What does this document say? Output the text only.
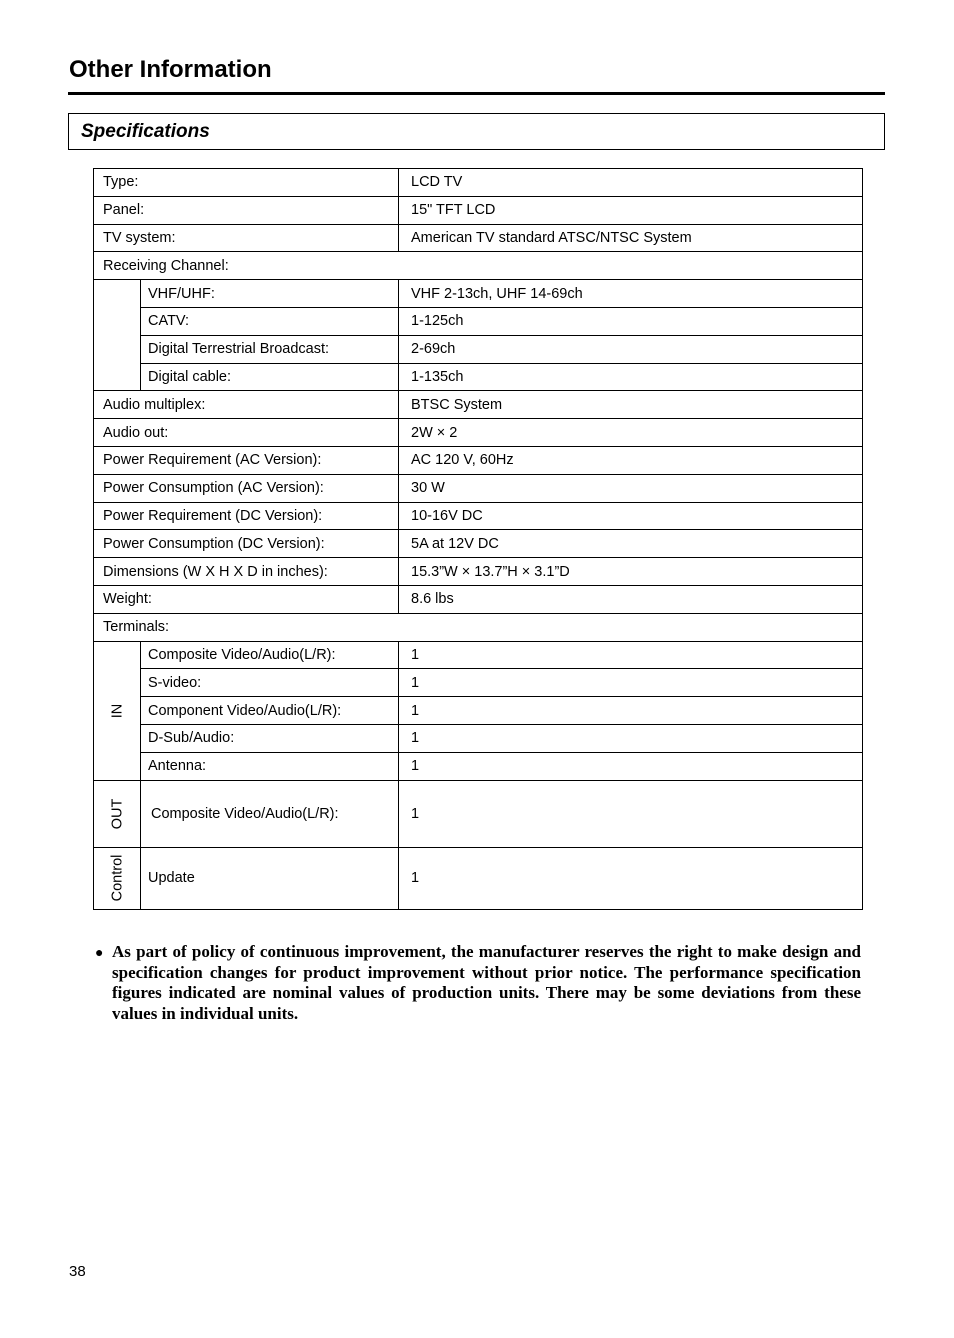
Other Information
Specifications
Type:		LCD TV
Panel:		15" TFT LCD
TV system:		American TV standard ATSC/NTSC System
Receiving Channel:		
	VHF/UHF:	VHF 2-13ch, UHF 14-69ch
	CATV:	1-125ch
	Digital Terrestrial Broadcast:	2-69ch
	Digital cable:	1-135ch
Audio multiplex:		BTSC System
Audio out:		2W × 2
Power Requirement (AC Version):		AC 120 V, 60Hz
Power Consumption (AC Version):		30 W
Power Requirement (DC Version):		10-16V DC
Power Consumption (DC Version):		5A at 12V DC
Dimensions (W X H X D in inches):		15.3”W × 13.7”H × 3.1”D
Weight:		8.6 lbs
Terminals:		
IN	Composite Video/Audio(L/R):	1
	S-video:	1
	Component Video/Audio(L/R):	1
	D-Sub/Audio:	1
	Antenna:	1
OUT	Composite Video/Audio(L/R):	1
Control	Update	1
● As part of policy of continuous improvement, the manufacturer reserves the right to make design and specification changes for product improvement without prior notice. The performance specification figures indicated are nominal values of production units. There may be some deviations from these values in individual units.

38
